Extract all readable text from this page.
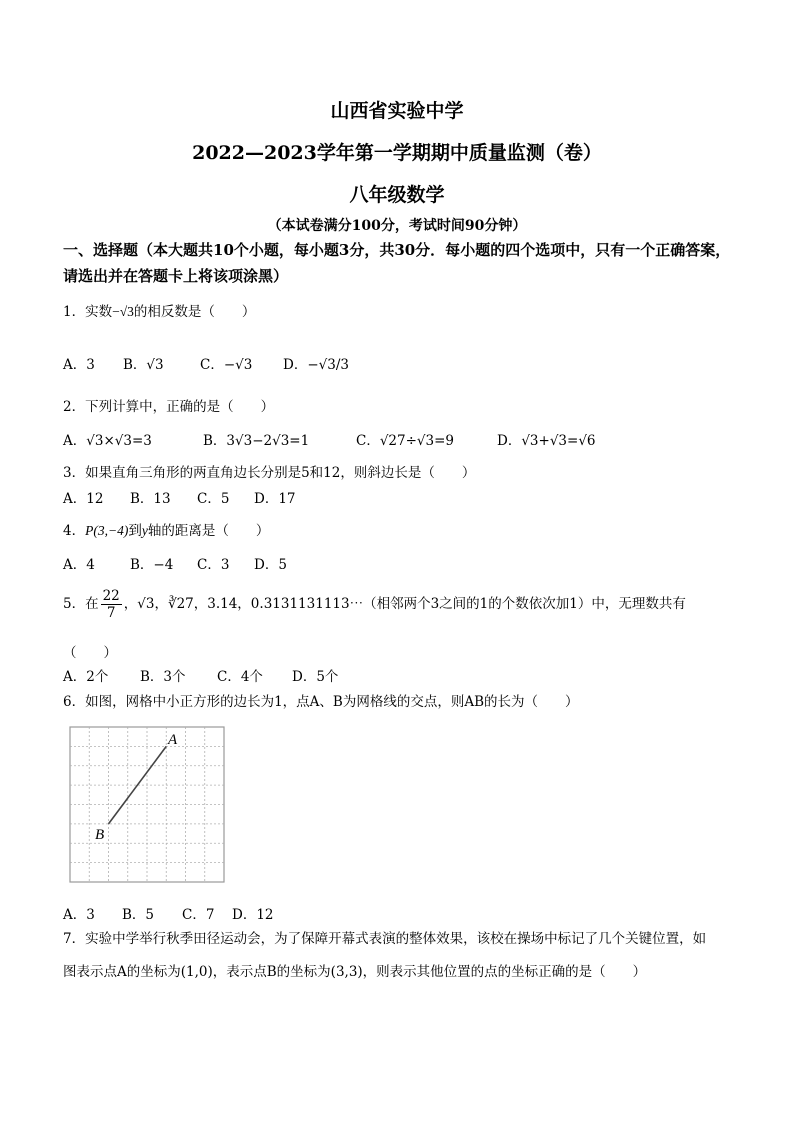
山西省实验中学
2022—2023学年第一学期期中质量监测（卷）
八年级数学
（本试卷满分100分，考试时间90分钟）
一、选择题（本大题共10个小题，每小题3分，共30分．每小题的四个选项中，只有一个正确答案，请选出并在答题卡上将该项涂黑）
1．实数−√3的相反数是（　　）
A．3 B．√3	C．−√3 D．−√3/3
2．下列计算中，正确的是（　　）
A．√3×√3=3	B．3√3−2√3=1	C．√27÷√3=9	D．√3+√3=√6
3．如果直角三角形的两直角边长分别是5和12，则斜边长是（　　）
A．12 B．13 C．5 D．17
4．P(3,−4)到y轴的距离是（　　）
A．4	B．−4 C．3 D．5
5．在 $\frac{22}{7}$ ，√3，∛27，3.14，0.3131131113⋯（相邻两个3之间的1的个数依次加1）中，无理数共有
（　　）
A．2个 B．3个 C．4个 D．5个
6．如图，网格中小正方形的边长为1，点A、B为网格线的交点，则AB的长为（　　）
A
B
A．3 B．5 C．7 D．12
7．实验中学举行秋季田径运动会，为了保障开幕式表演的整体效果，该校在操场中标记了几个关键位置，如
图表示点A的坐标为(1,0)，表示点B的坐标为(3,3)，则表示其他位置的点的坐标正确的是（　　）
